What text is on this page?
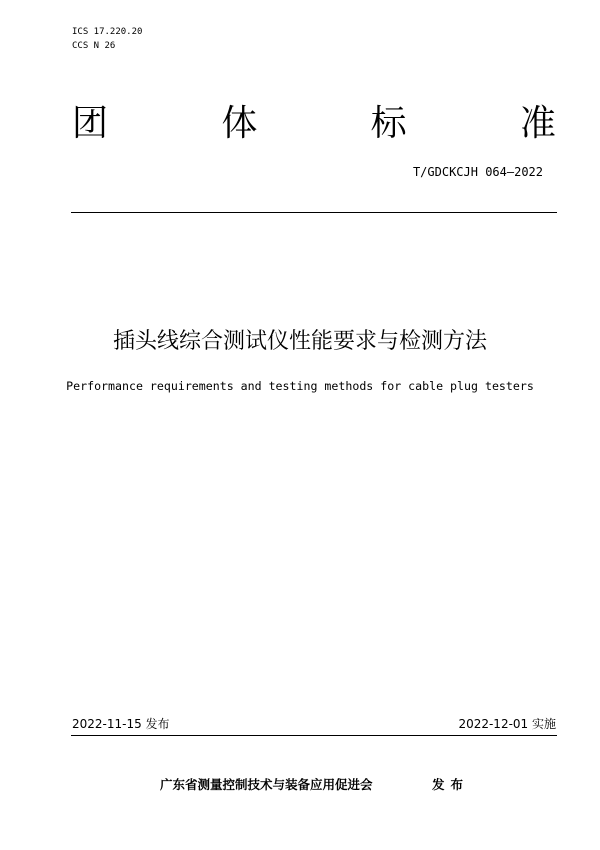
ICS 17.220.20
CCS N 26
团	体	标	准
T/GDCKCJH 064—2022
插头线综合测试仪性能要求与检测方法
Performance requirements and testing methods for cable plug testers
2022-11-15 发布	2022-12-01 实施
广东省测量控制技术与装备应用促进会	发布
